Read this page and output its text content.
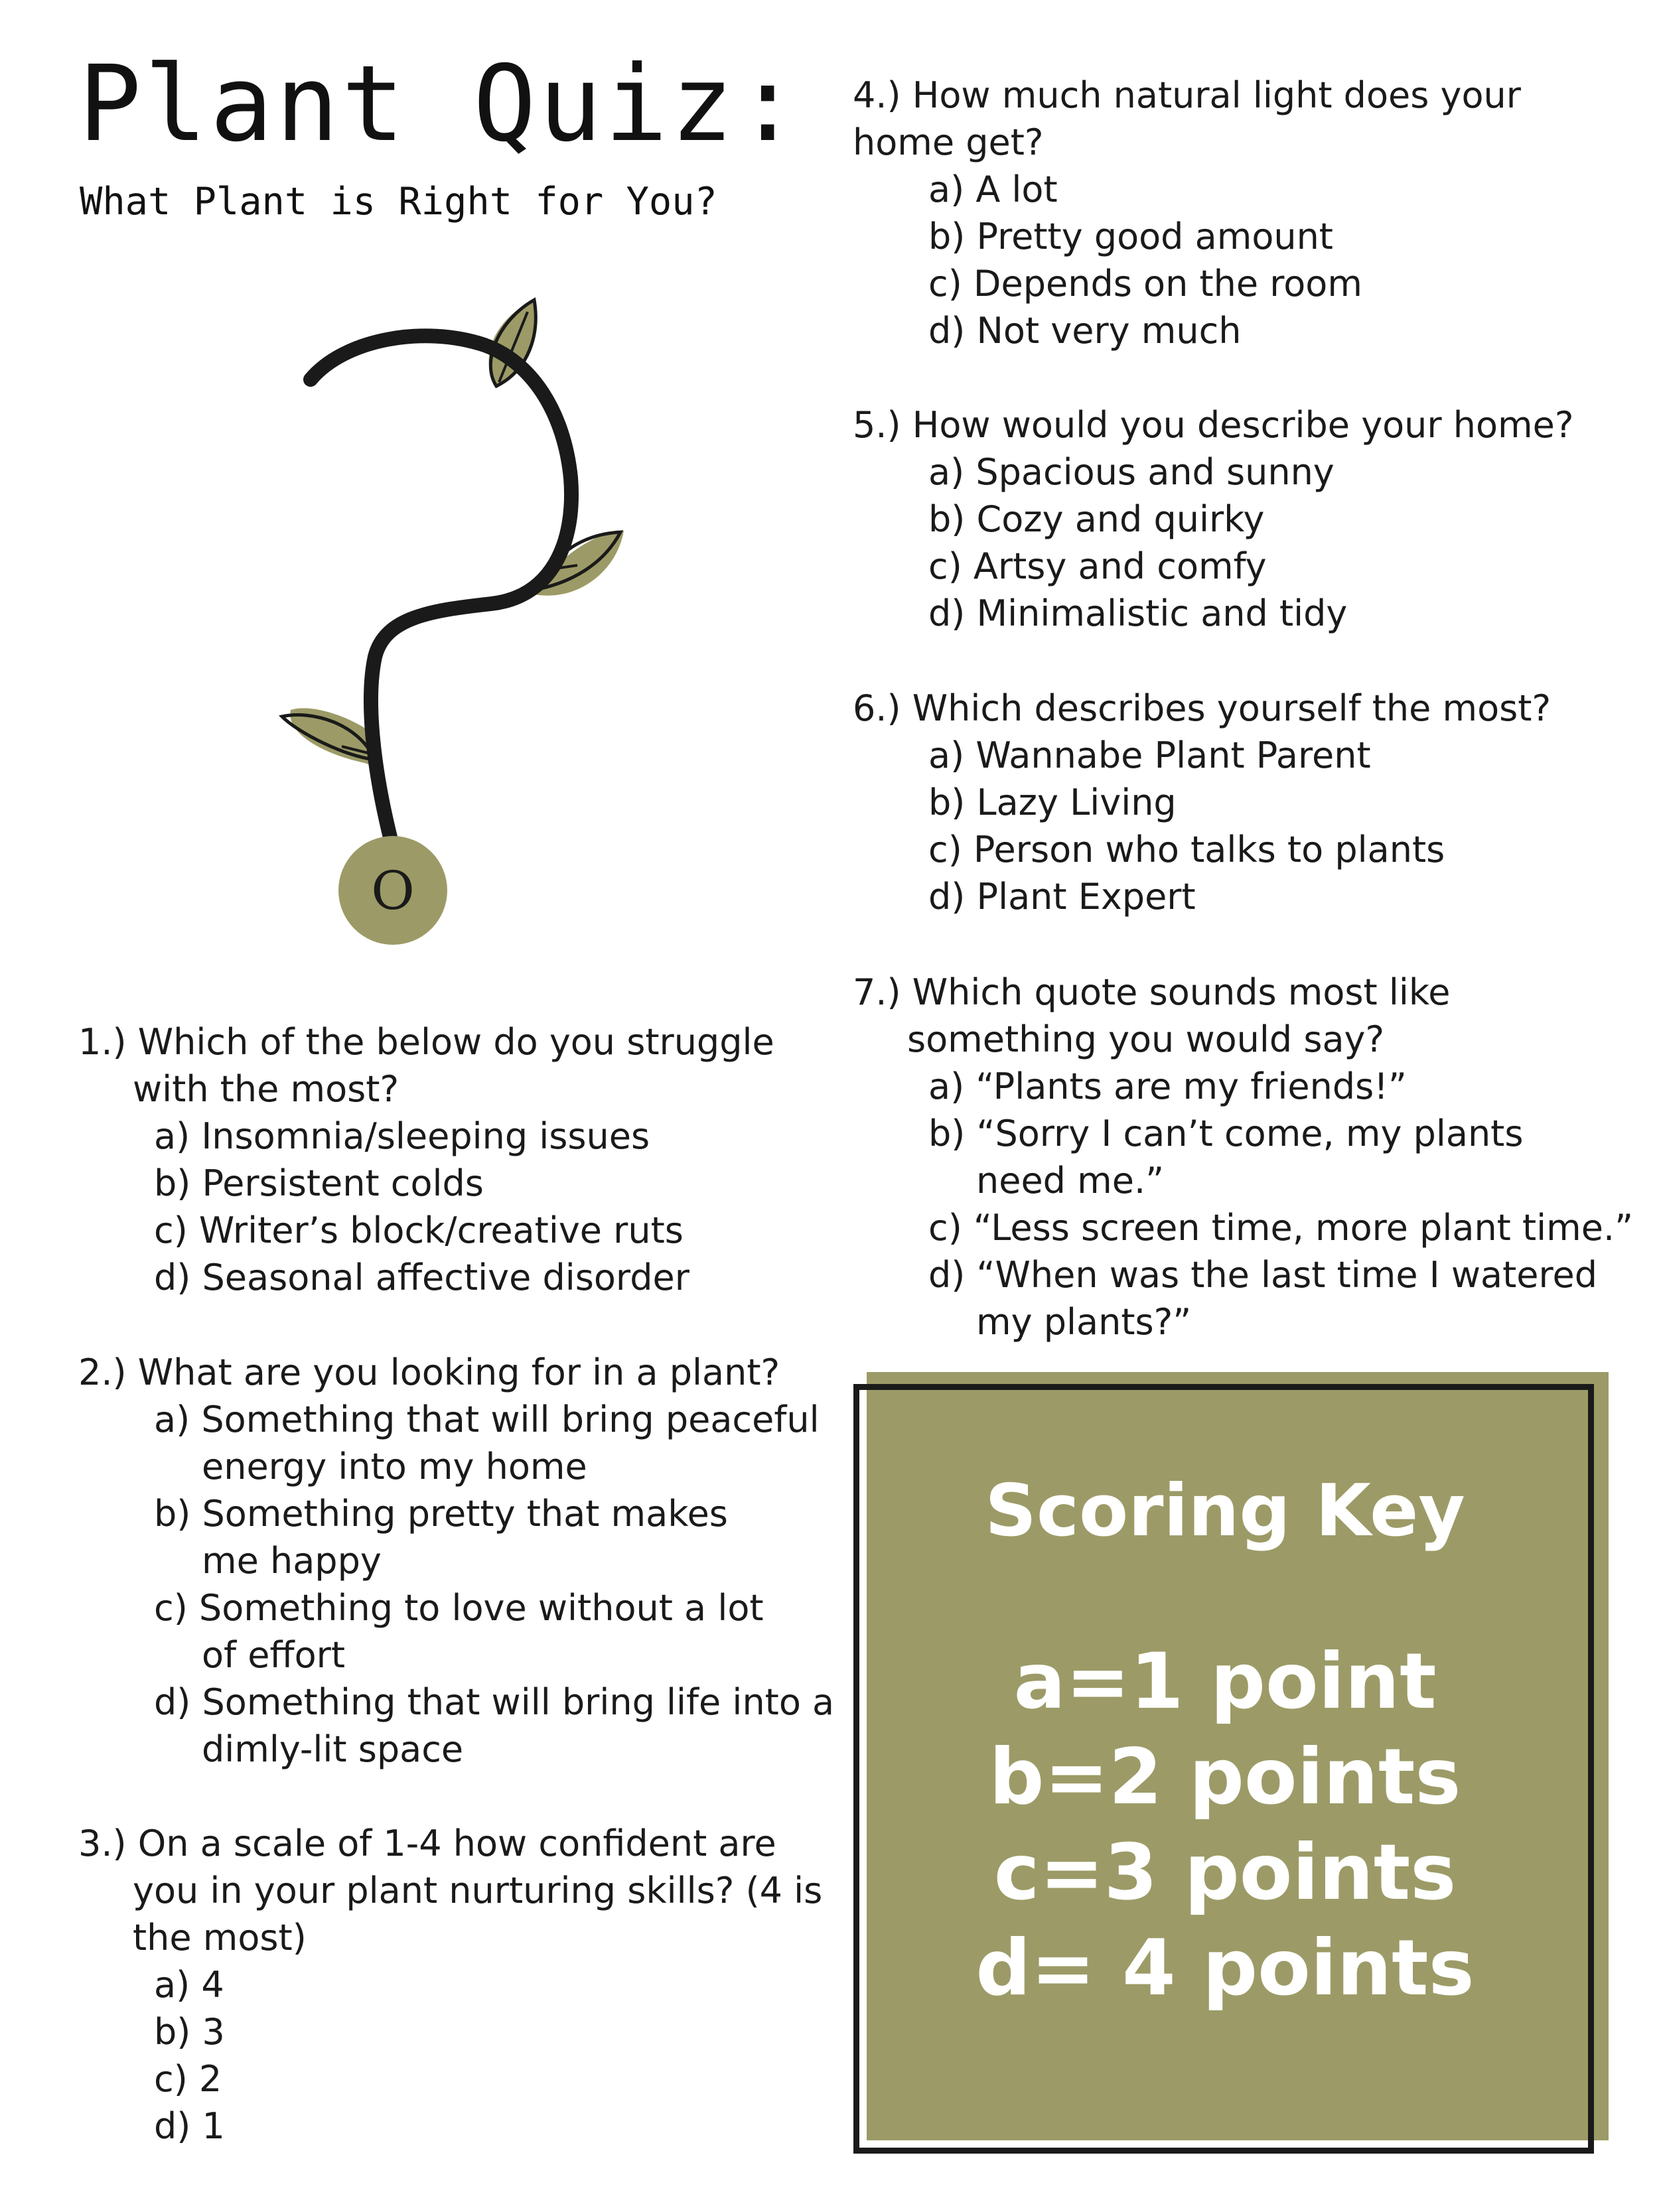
Plant Quiz:
What Plant is Right for You?
O
1.) Which of the below do you struggle
with the most?
a) Insomnia/sleeping issues
b) Persistent colds
c) Writer’s block/creative ruts
d) Seasonal affective disorder
2.) What are you looking for in a plant?
a) Something that will bring peaceful
energy into my home
b) Something pretty that makes
me happy
c) Something to love without a lot
of effort
d) Something that will bring life into a
dimly-lit space
3.) On a scale of 1-4 how confident are
you in your plant nurturing skills? (4 is
the most)
a) 4
b) 3
c) 2
d) 1
4.) How much natural light does your
home get?
a) A lot
b) Pretty good amount
c) Depends on the room
d) Not very much
5.) How would you describe your home?
a) Spacious and sunny
b) Cozy and quirky
c) Artsy and comfy
d) Minimalistic and tidy
6.) Which describes yourself the most?
a) Wannabe Plant Parent
b) Lazy Living
c) Person who talks to plants
d) Plant Expert
7.) Which quote sounds most like
something you would say?
a) “Plants are my friends!”
b) “Sorry I can’t come, my plants
need me.”
c) “Less screen time, more plant time.”
d) “When was the last time I watered
my plants?”
Scoring Key
a=1 point
b=2 points
c=3 points
d= 4 points
